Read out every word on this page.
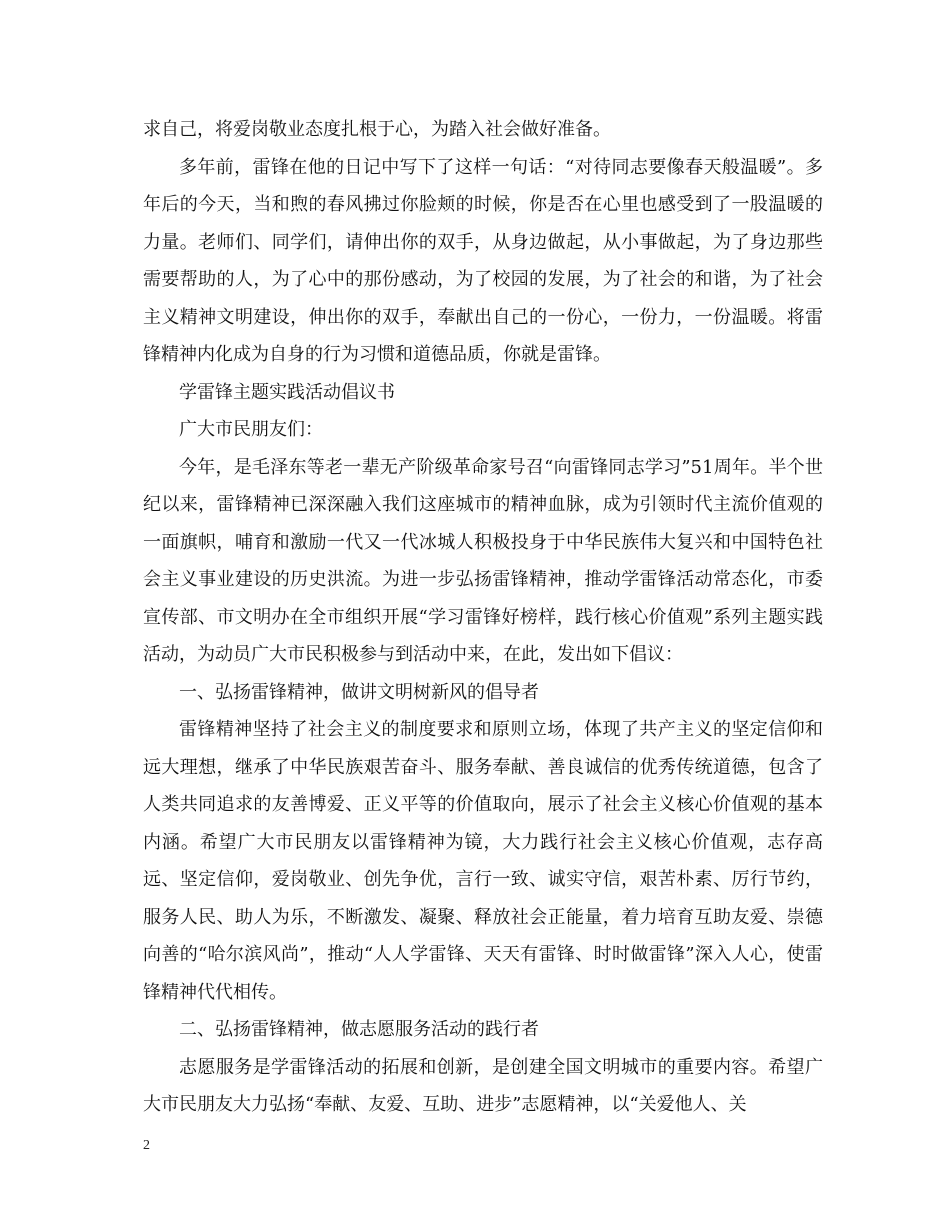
求自己，将爱岗敬业态度扎根于心，为踏入社会做好准备。

多年前，雷锋在他的日记中写下了这样一句话：“对待同志要像春天般温暖”。多年后的今天，当和煦的春风拂过你脸颊的时候，你是否在心里也感受到了一股温暖的力量。老师们、同学们，请伸出你的双手，从身边做起，从小事做起，为了身边那些需要帮助的人，为了心中的那份感动，为了校园的发展，为了社会的和谐，为了社会主义精神文明建设，伸出你的双手，奉献出自己的一份心，一份力，一份温暖。将雷锋精神内化成为自身的行为习惯和道德品质，你就是雷锋。

学雷锋主题实践活动倡议书

广大市民朋友们：

今年，是毛泽东等老一辈无产阶级革命家号召“向雷锋同志学习”51周年。半个世纪以来，雷锋精神已深深融入我们这座城市的精神血脉，成为引领时代主流价值观的一面旗帜，哺育和激励一代又一代冰城人积极投身于中华民族伟大复兴和中国特色社会主义事业建设的历史洪流。为进一步弘扬雷锋精神，推动学雷锋活动常态化，市委宣传部、市文明办在全市组织开展“学习雷锋好榜样，践行核心价值观”系列主题实践活动，为动员广大市民积极参与到活动中来，在此，发出如下倡议：

一、弘扬雷锋精神，做讲文明树新风的倡导者

雷锋精神坚持了社会主义的制度要求和原则立场，体现了共产主义的坚定信仰和远大理想，继承了中华民族艰苦奋斗、服务奉献、善良诚信的优秀传统道德，包含了人类共同追求的友善博爱、正义平等的价值取向，展示了社会主义核心价值观的基本内涵。希望广大市民朋友以雷锋精神为镜，大力践行社会主义核心价值观，志存高远、坚定信仰，爱岗敬业、创先争优，言行一致、诚实守信，艰苦朴素、厉行节约，服务人民、助人为乐，不断激发、凝聚、释放社会正能量，着力培育互助友爱、崇德向善的“哈尔滨风尚”，推动“人人学雷锋、天天有雷锋、时时做雷锋”深入人心，使雷锋精神代代相传。

二、弘扬雷锋精神，做志愿服务活动的践行者

志愿服务是学雷锋活动的拓展和创新，是创建全国文明城市的重要内容。希望广大市民朋友大力弘扬“奉献、友爱、互助、进步”志愿精神，以“关爱他人、关

2
